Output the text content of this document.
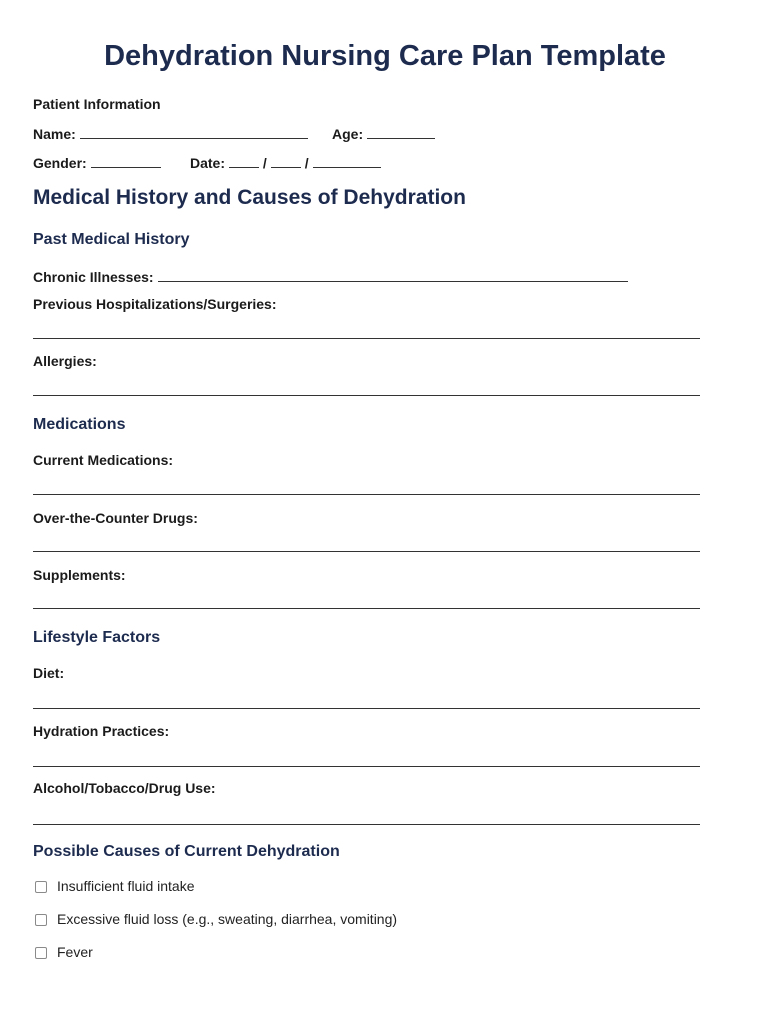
Dehydration Nursing Care Plan Template
Patient Information
Name:	Age:
Gender:	Date:	/	/
Medical History and Causes of Dehydration
Past Medical History
Chronic Illnesses:
Previous Hospitalizations/Surgeries:
Allergies:
Medications
Current Medications:
Over-the-Counter Drugs:
Supplements:
Lifestyle Factors
Diet:
Hydration Practices:
Alcohol/Tobacco/Drug Use:
Possible Causes of Current Dehydration
Insufficient fluid intake
Excessive fluid loss (e.g., sweating, diarrhea, vomiting)
Fever
